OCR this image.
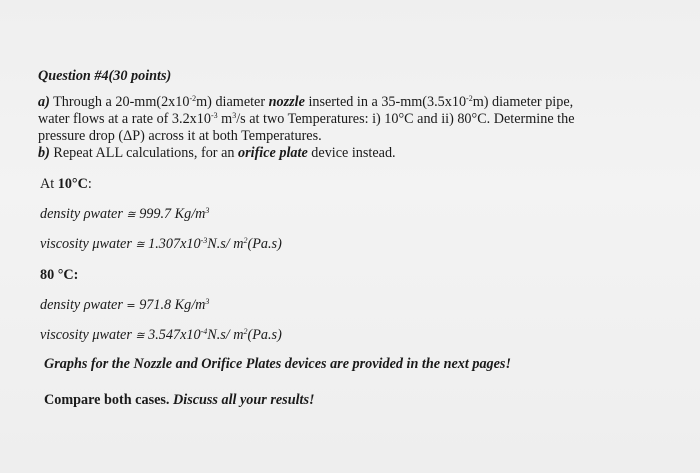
Question #4(30 points)
a) Through a $20-mm(2x10^{-2}m)$ diameter nozzle inserted in a $35-mm(3.5x10^{-2}m)$ diameter pipe,
water flows at a rate of $3.2x10^{-3}$ $m^3/s$ at two Temperatures: i) 10°C and ii) 80°C. Determine the
pressure drop (ΔP) across it at both Temperatures.
b) Repeat ALL calculations, for an orifice plate device instead.
At 10°C:
density ρwater ≅ 999.7 $Kg/m^3$
viscosity μwater ≅ $1.307x10^{-3}N.s/$ $m^2(Pa.s)$
80 °C:
density ρwater = 971.8 $Kg/m^3$
viscosity μwater ≅ $3.547x10^{-4}N.s/$ $m^2(Pa.s)$
Graphs for the Nozzle and Orifice Plates devices are provided in the next pages!
Compare both cases. Discuss all your results!
